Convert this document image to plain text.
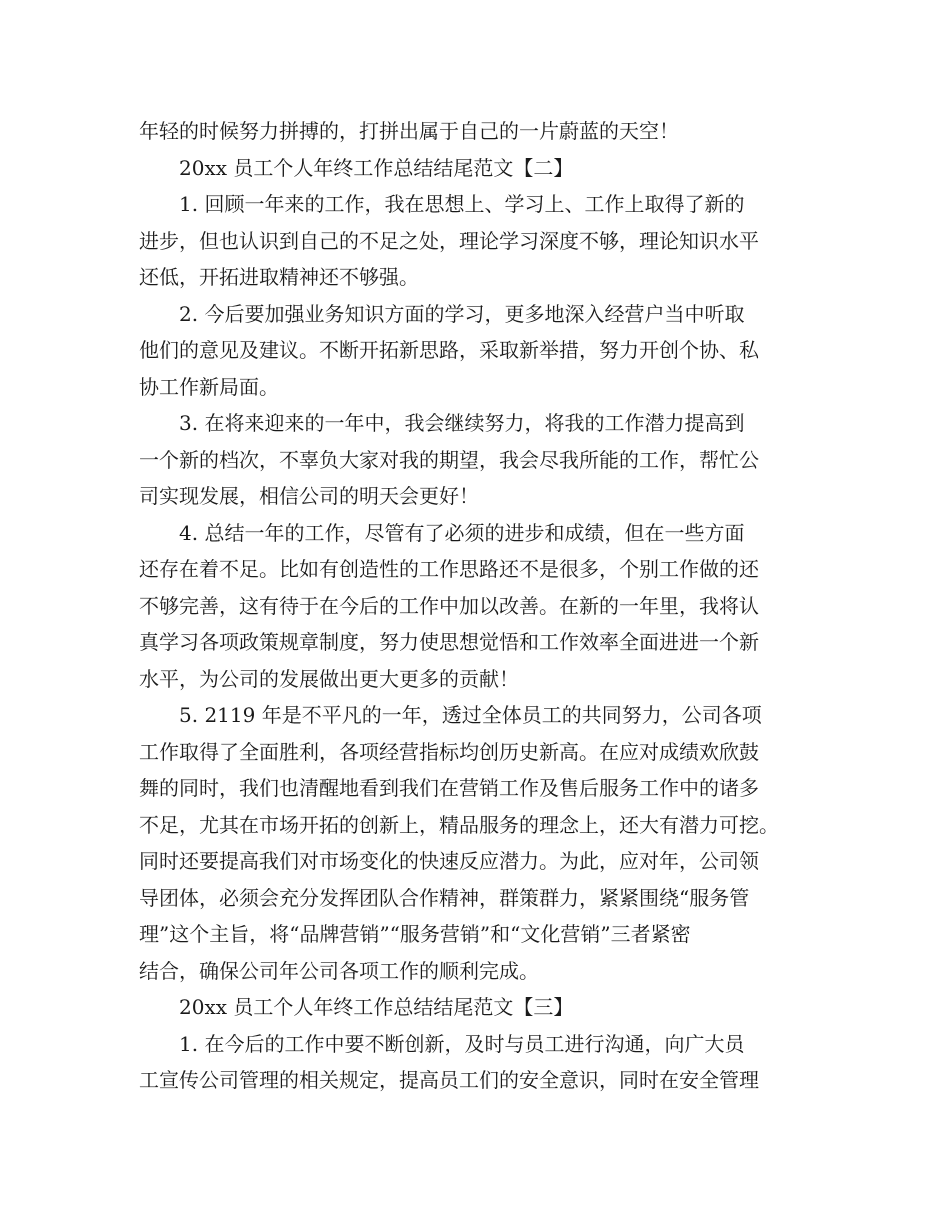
年轻的时候努力拼搏的，打拼出属于自己的一片蔚蓝的天空！
20xx 员工个人年终工作总结结尾范文【二】
1. 回顾一年来的工作，我在思想上、学习上、工作上取得了新的
进步，但也认识到自己的不足之处，理论学习深度不够，理论知识水平
还低，开拓进取精神还不够强。
2. 今后要加强业务知识方面的学习，更多地深入经营户当中听取
他们的意见及建议。不断开拓新思路，采取新举措，努力开创个协、私
协工作新局面。
3. 在将来迎来的一年中，我会继续努力，将我的工作潜力提高到
一个新的档次，不辜负大家对我的期望，我会尽我所能的工作，帮忙公
司实现发展，相信公司的明天会更好！
4. 总结一年的工作，尽管有了必须的进步和成绩，但在一些方面
还存在着不足。比如有创造性的工作思路还不是很多，个别工作做的还
不够完善，这有待于在今后的工作中加以改善。在新的一年里，我将认
真学习各项政策规章制度，努力使思想觉悟和工作效率全面进进一个新
水平，为公司的发展做出更大更多的贡献！
5. 2119 年是不平凡的一年，透过全体员工的共同努力，公司各项
工作取得了全面胜利，各项经营指标均创历史新高。在应对成绩欢欣鼓
舞的同时，我们也清醒地看到我们在营销工作及售后服务工作中的诸多
不足，尤其在市场开拓的创新上，精品服务的理念上，还大有潜力可挖。
同时还要提高我们对市场变化的快速反应潜力。为此，应对年，公司领
导团体，必须会充分发挥团队合作精神，群策群力，紧紧围绕“服务管
理”这个主旨，将“品牌营销”“服务营销”和“文化营销”三者紧密
结合，确保公司年公司各项工作的顺利完成。
20xx 员工个人年终工作总结结尾范文【三】
1. 在今后的工作中要不断创新，及时与员工进行沟通，向广大员
工宣传公司管理的相关规定，提高员工们的安全意识，同时在安全管理
